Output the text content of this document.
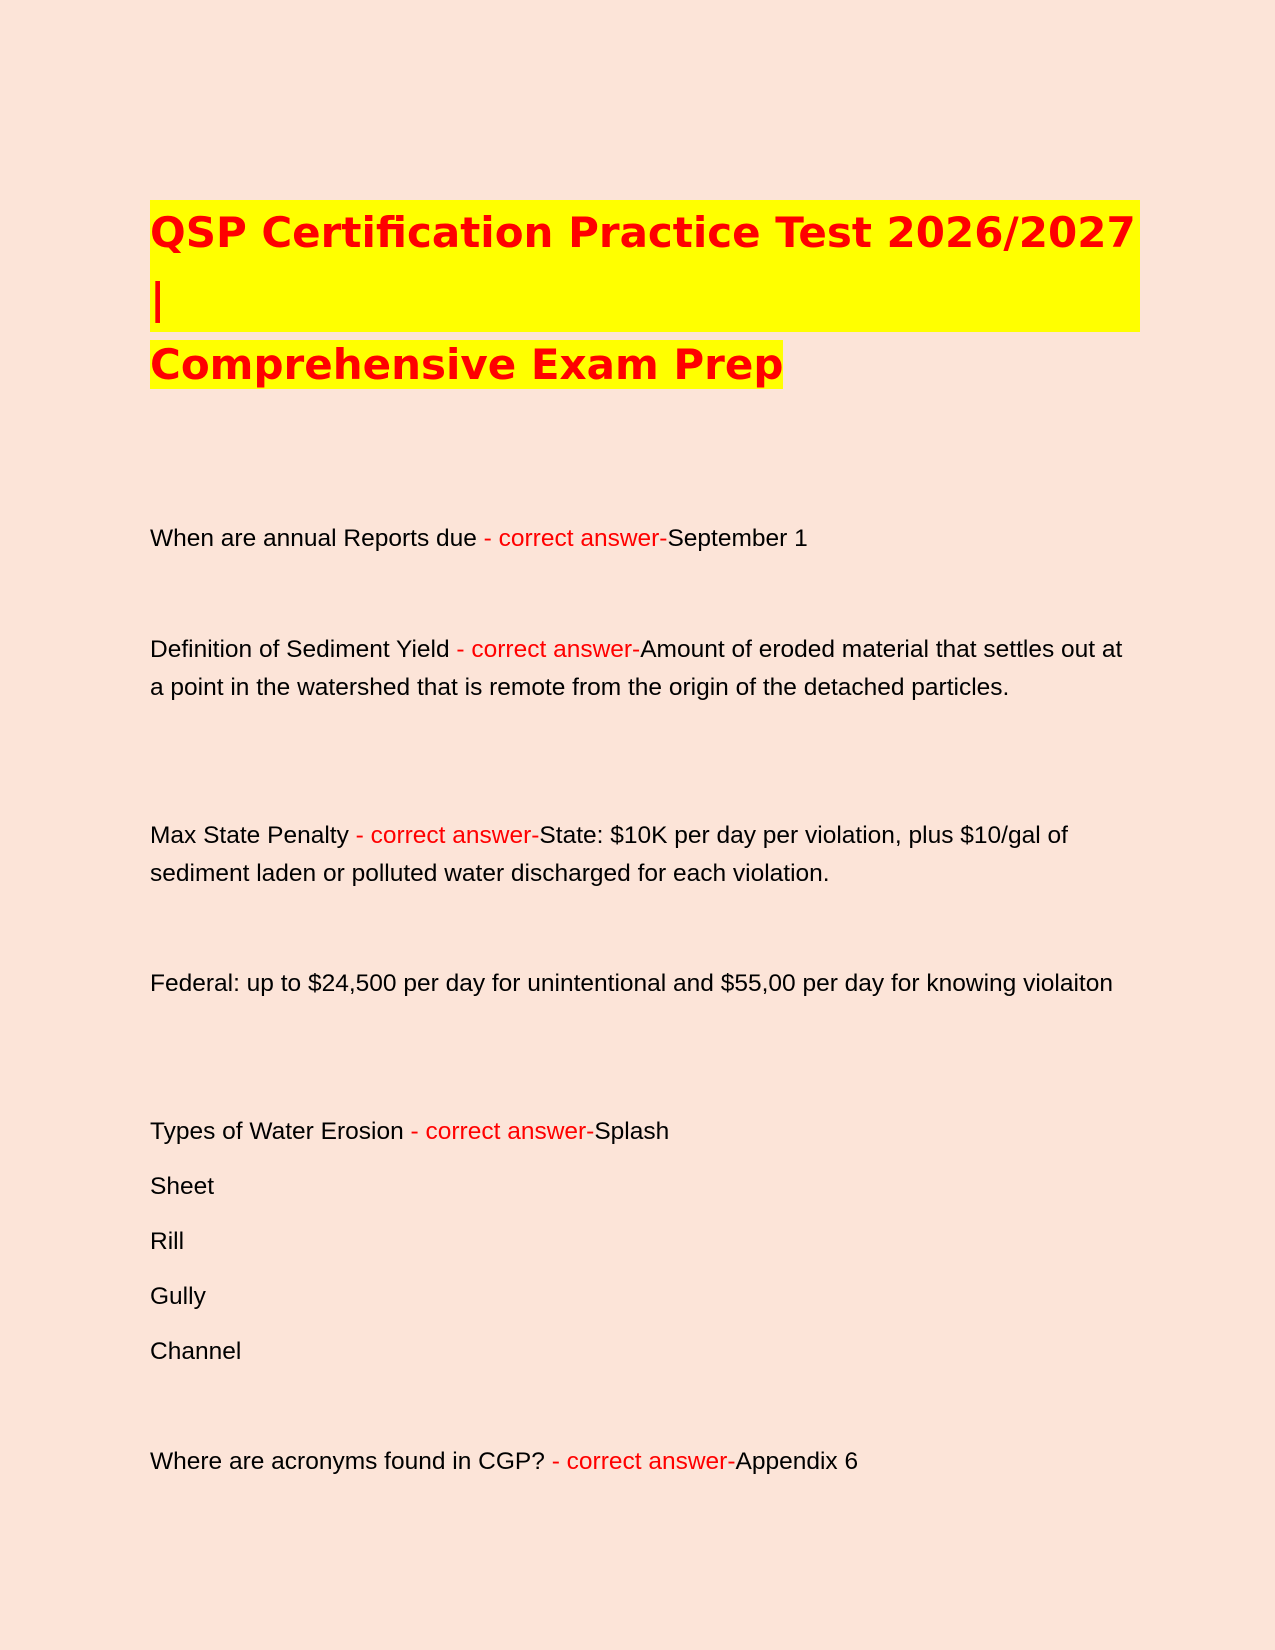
QSP Certification Practice Test 2026/2027 |
Comprehensive Exam Prep

When are annual Reports due - correct answer-September 1

Definition of Sediment Yield - correct answer-Amount of eroded material that settles out at a point in the watershed that is remote from the origin of the detached particles.

Max State Penalty - correct answer-State: $10K per day per violation, plus $10/gal of sediment laden or polluted water discharged for each violation.

Federal: up to $24,500 per day for unintentional and $55,00 per day for knowing violaiton

Types of Water Erosion - correct answer-Splash

Sheet
Rill
Gully
Channel

Where are acronyms found in CGP? - correct answer-Appendix 6
